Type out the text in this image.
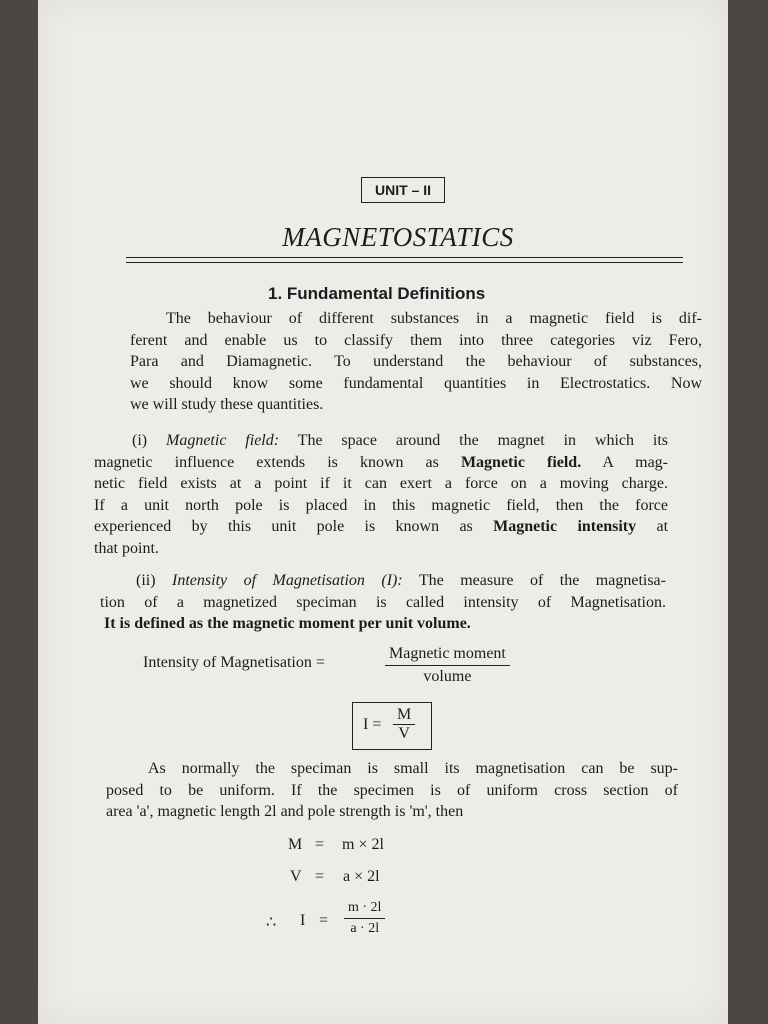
UNIT – II
MAGNETOSTATICS
1. Fundamental Definitions
The behaviour of different substances in a magnetic field is dif-
ferent and enable us to classify them into three categories viz Fero,
Para and Diamagnetic. To understand the behaviour of substances,
we should know some fundamental quantities in Electrostatics. Now
we will study these quantities.
(i) Magnetic field: The space around the magnet in which its
magnetic influence extends is known as Magnetic field. A mag-
netic field exists at a point if it can exert a force on a moving charge.
If a unit north pole is placed in this magnetic field, then the force
experienced by this unit pole is known as Magnetic intensity at
that point.
(ii) Intensity of Magnetisation (I): The measure of the magnetisa-
tion of a magnetized speciman is called intensity of Magnetisation.
It is defined as the magnetic moment per unit volume.
Intensity of Magnetisation =
Magnetic moment
volume
$I = \frac{M}{V}$
As normally the speciman is small its magnetisation can be sup-
posed to be uniform. If the specimen is of uniform cross section of
area 'a', magnetic length 2l and pole strength is 'm', then
M = m × 2l
V = a × 2l
∴ $I = \frac{m \cdot 2l}{a \cdot 2l}$
